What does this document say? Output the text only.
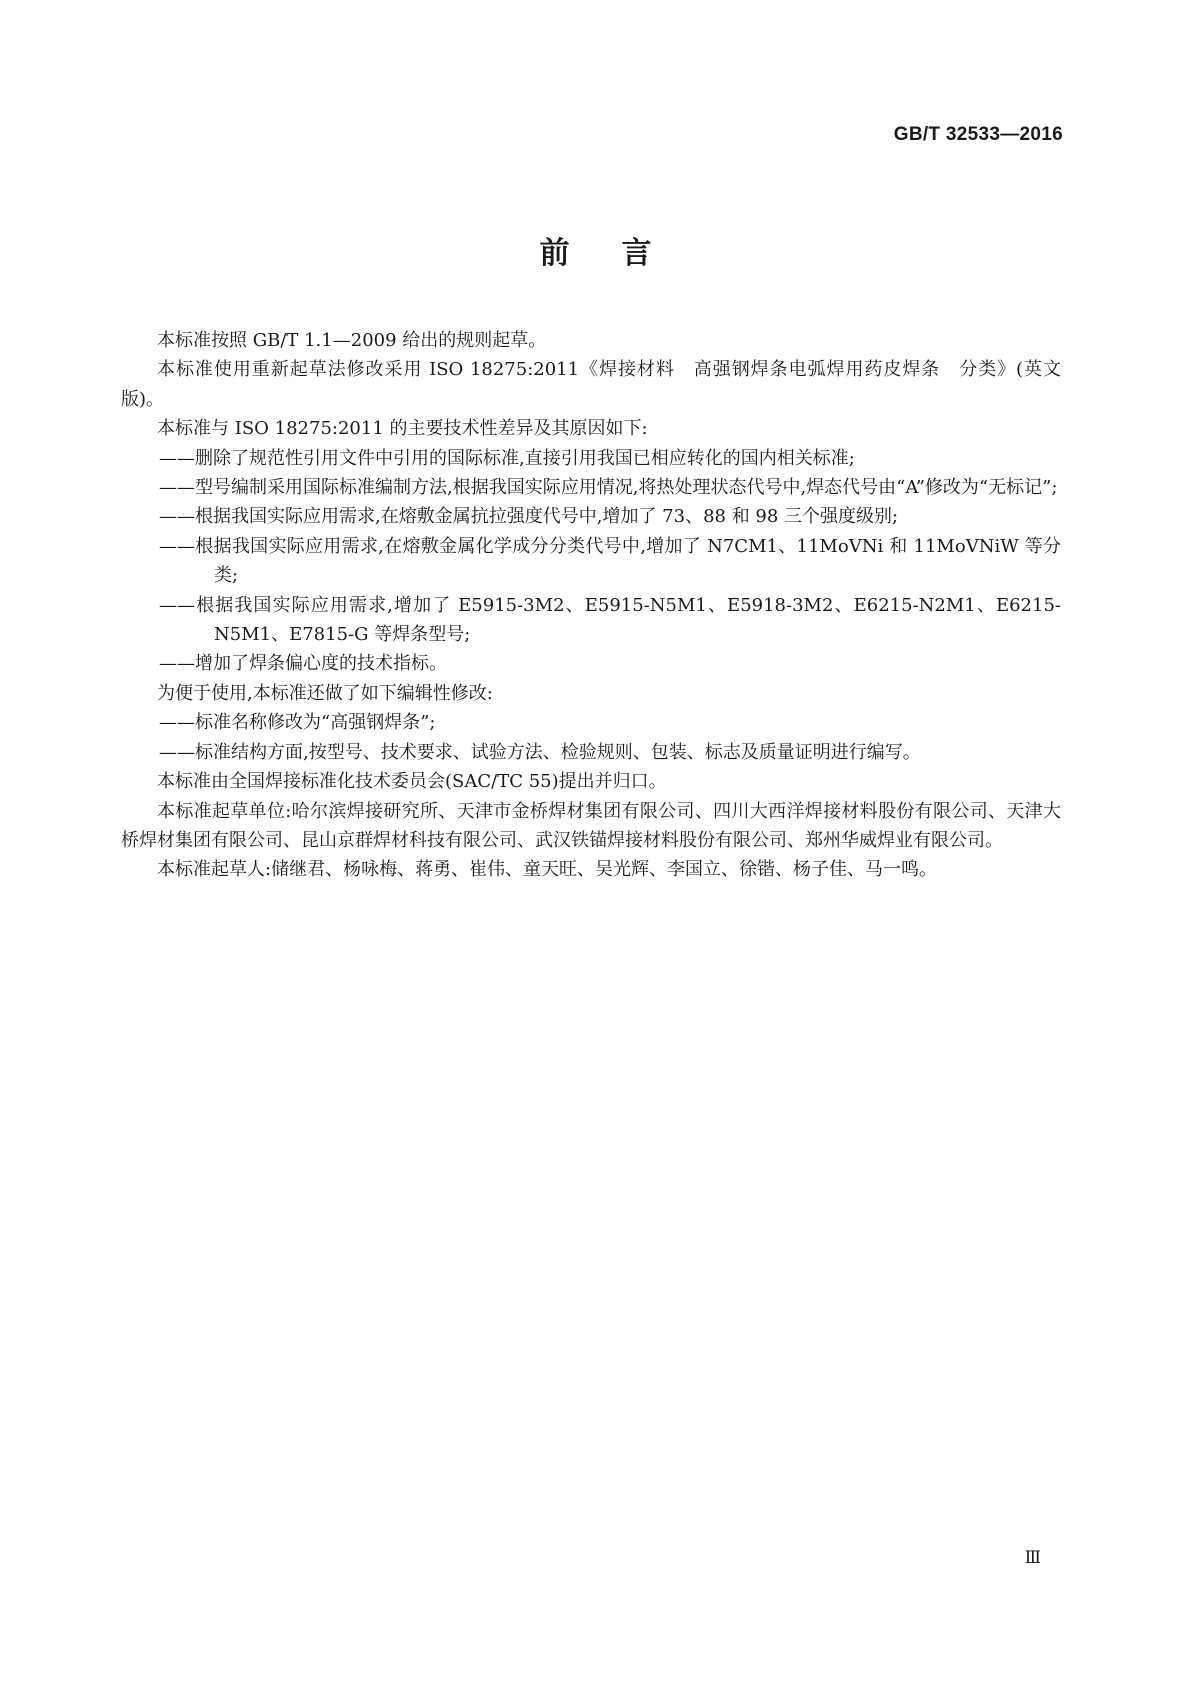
GB/T 32533—2016
前言

本标准按照 GB/T 1.1—2009 给出的规则起草。

本标准使用重新起草法修改采用 ISO 18275:2011《焊接材料　高强钢焊条电弧焊用药皮焊条　分类》(英文版)。

本标准与 ISO 18275:2011 的主要技术性差异及其原因如下:

——删除了规范性引用文件中引用的国际标准,直接引用我国已相应转化的国内相关标准;

——型号编制采用国际标准编制方法,根据我国实际应用情况,将热处理状态代号中,焊态代号由“A”修改为“无标记”;

——根据我国实际应用需求,在熔敷金属抗拉强度代号中,增加了 73、88 和 98 三个强度级别;

——根据我国实际应用需求,在熔敷金属化学成分分类代号中,增加了 N7CM1、11MoVNi 和 11MoVNiW 等分类;

——根据我国实际应用需求,增加了 E5915-3M2、E5915-N5M1、E5918-3M2、E6215-N2M1、E6215-N5M1、E7815-G 等焊条型号;

——增加了焊条偏心度的技术指标。

为便于使用,本标准还做了如下编辑性修改:

——标准名称修改为“高强钢焊条”;

——标准结构方面,按型号、技术要求、试验方法、检验规则、包装、标志及质量证明进行编写。

本标准由全国焊接标准化技术委员会(SAC/TC 55)提出并归口。

本标准起草单位:哈尔滨焊接研究所、天津市金桥焊材集团有限公司、四川大西洋焊接材料股份有限公司、天津大桥焊材集团有限公司、昆山京群焊材科技有限公司、武汉铁锚焊接材料股份有限公司、郑州华威焊业有限公司。

本标准起草人:储继君、杨咏梅、蒋勇、崔伟、童天旺、吴光辉、李国立、徐锴、杨子佳、马一鸣。

Ⅲ
